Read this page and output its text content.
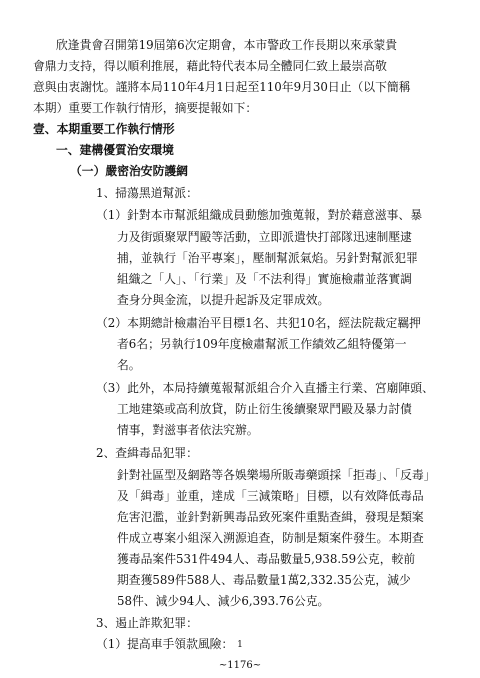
欣逢貴會召開第19屆第6次定期會，本市警政工作長期以來承蒙貴
會鼎力支持，得以順利推展，藉此特代表本局全體同仁致上最崇高敬
意與由衷謝忱。謹將本局110年4月1日起至110年9月30日止（以下簡稱
本期）重要工作執行情形，摘要提報如下：
壹、本期重要工作執行情形
一、建構優質治安環境
（一）嚴密治安防護網
1、掃蕩黑道幫派：
（1）針對本市幫派組織成員動態加強蒐報，對於藉意滋事、暴
力及街頭聚眾鬥毆等活動，立即派遣快打部隊迅速制壓逮
捕，並執行「治平專案」，壓制幫派氣焰。另針對幫派犯罪
組織之「人」、「行業」及「不法利得」實施檢肅並落實調
查身分與金流，以提升起訴及定罪成效。
（2）本期總計檢肅治平目標1名、共犯10名，經法院裁定羈押
者6名；另執行109年度檢肅幫派工作績效乙組特優第一
名。
（3）此外，本局持續蒐報幫派組合介入直播主行業、宮廟陣頭、
工地建築或高利放貸，防止衍生後續聚眾鬥毆及暴力討債
情事，對滋事者依法究辦。
2、查緝毒品犯罪：
針對社區型及網路等各娛樂場所販毒藥頭採「拒毒」、「反毒」
及「緝毒」並重，達成「三減策略」目標，以有效降低毒品
危害氾濫，並針對新興毒品致死案件重點查緝，發現是類案
件成立專案小組深入溯源追查，防制是類案件發生。本期查
獲毒品案件531件494人、毒品數量5,938.59公克，較前
期查獲589件588人、毒品數量1萬2,332.35公克，減少
58件、減少94人、減少6,393.76公克。
3、遏止詐欺犯罪：
（1）提高車手領款風險： 1
~1176~
